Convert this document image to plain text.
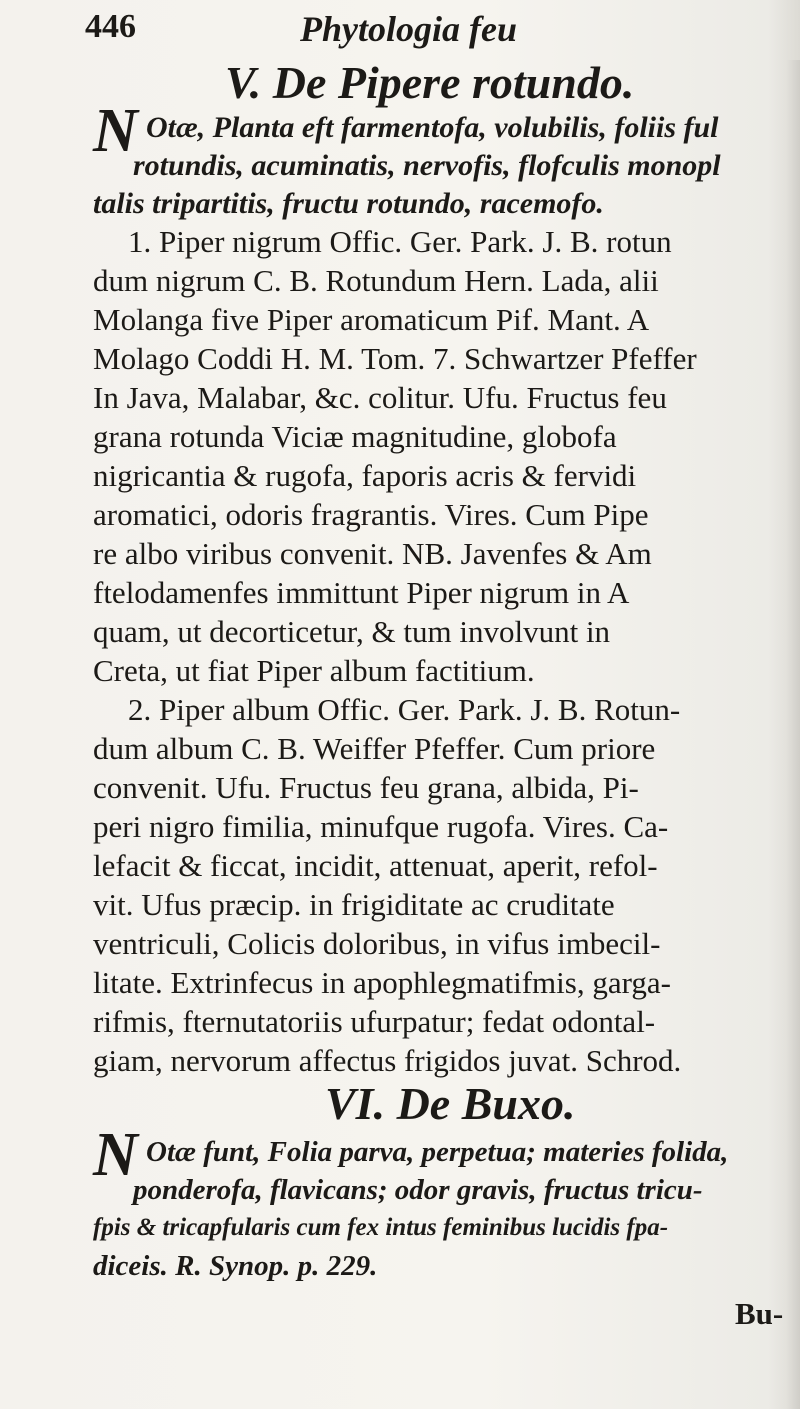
446	Phytologia feu
V. De Pipere rotundo.
N Otæ, Planta eft farmentofa, volubilis, foliis ful
rotundis, acuminatis, nervofis, flofculis monopl
talis tripartitis, fructu rotundo, racemofo.
1. Piper nigrum Offic. Ger. Park. J. B. rotun
dum nigrum C. B. Rotundum Hern. Lada, alii
Molanga five Piper aromaticum Pif. Mant. A
Molago Coddi H. M. Tom. 7. Schwartzer Pfeffer
In Java, Malabar, &c. colitur. Ufu. Fructus feu
grana rotunda Viciæ magnitudine, globofa
nigricantia & rugofa, faporis acris & fervidi
aromatici, odoris fragrantis. Vires. Cum Pipe
re albo viribus convenit. NB. Javenfes & Am
ftelodamenfes immittunt Piper nigrum in A
quam, ut decorticetur, & tum involvunt in
Creta, ut fiat Piper album factitium.
2. Piper album Offic. Ger. Park. J. B. Rotun-
dum album C. B. Weiffer Pfeffer. Cum priore
convenit. Ufu. Fructus feu grana, albida, Pi-
peri nigro fimilia, minufque rugofa. Vires. Ca-
lefacit & ficcat, incidit, attenuat, aperit, refol-
vit. Ufus præcip. in frigiditate ac cruditate
ventriculi, Colicis doloribus, in vifus imbecil-
litate. Extrinfecus in apophlegmatifmis, garga-
rifmis, fternutatoriis ufurpatur; fedat odontal-
giam, nervorum affectus frigidos juvat. Schrod.
VI. De Buxo.
N Otæ funt, Folia parva, perpetua; materies folida,
ponderofa, flavicans; odor gravis, fructus tricu-
fpis & tricapfularis cum fex intus feminibus lucidis fpa-
diceis. R. Synop. p. 229.
Bu-
